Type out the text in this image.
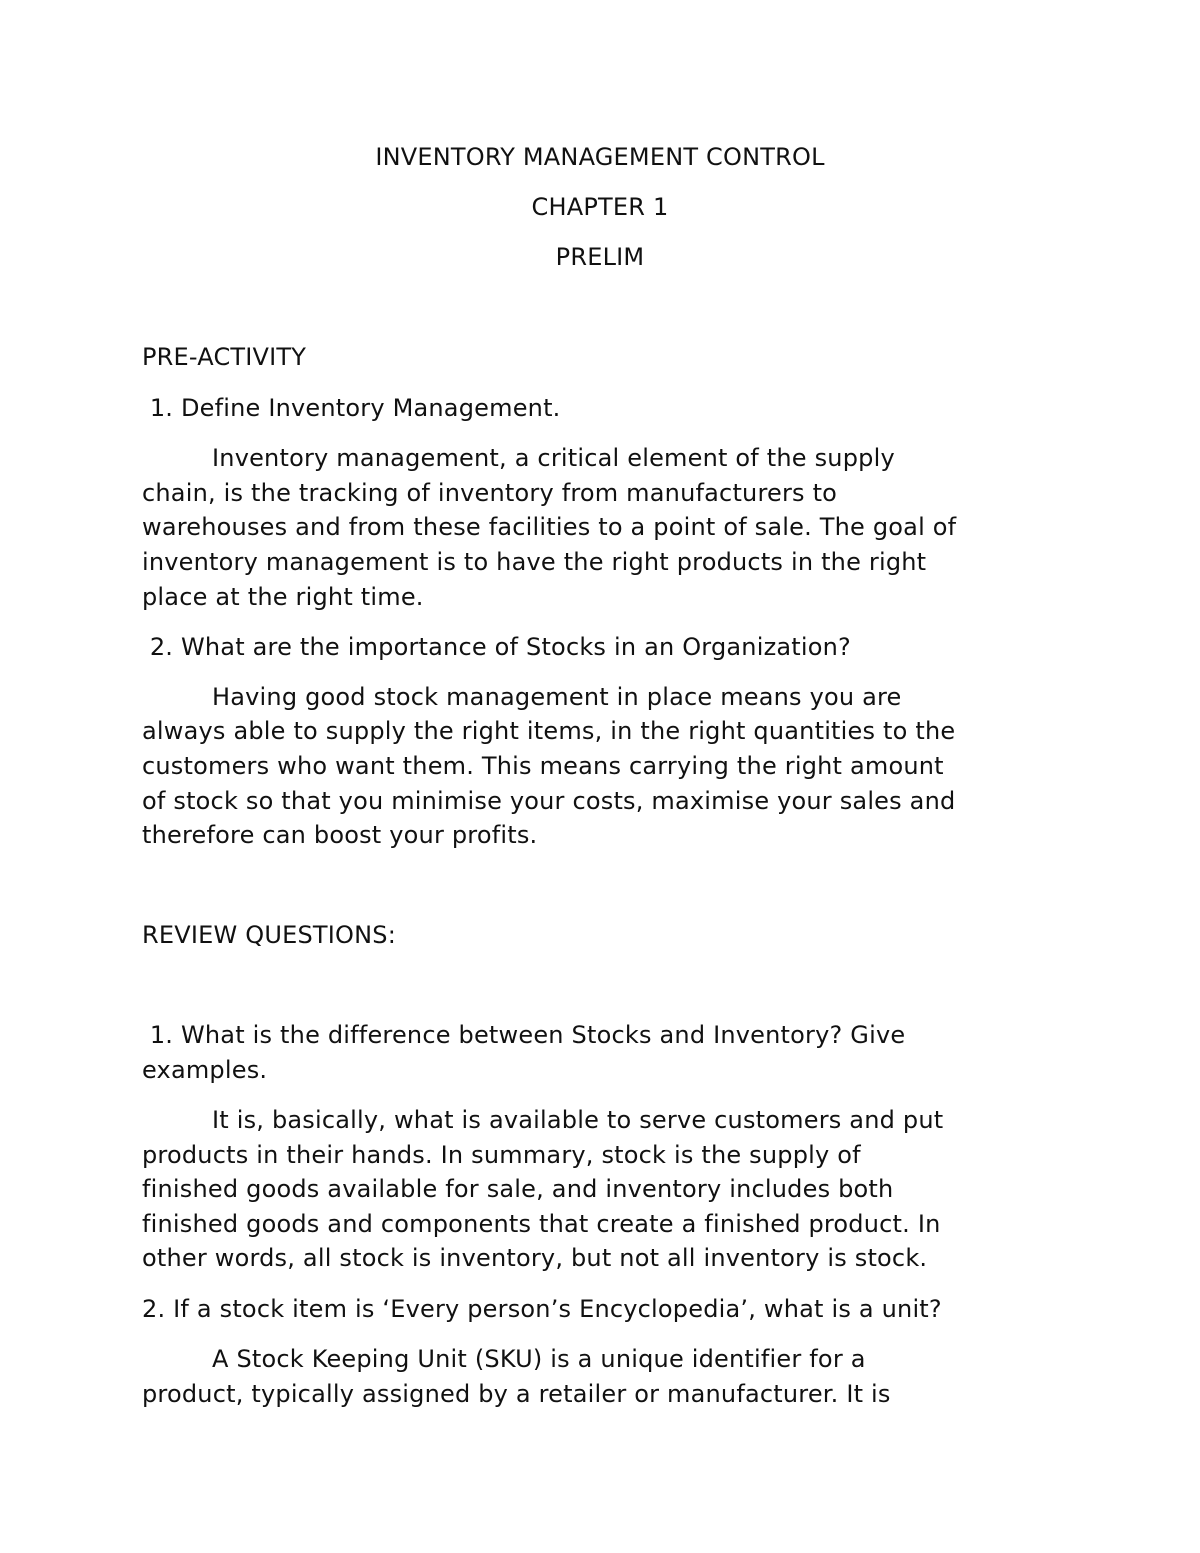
INVENTORY MANAGEMENT CONTROL
CHAPTER 1
PRELIM
PRE-ACTIVITY
1. Define Inventory Management.
Inventory management, a critical element of the supply
chain, is the tracking of inventory from manufacturers to
warehouses and from these facilities to a point of sale. The goal of
inventory management is to have the right products in the right
place at the right time.
2. What are the importance of Stocks in an Organization?
Having good stock management in place means you are
always able to supply the right items, in the right quantities to the
customers who want them. This means carrying the right amount
of stock so that you minimise your costs, maximise your sales and
therefore can boost your profits.
REVIEW QUESTIONS:
1. What is the difference between Stocks and Inventory? Give
examples.
It is, basically, what is available to serve customers and put
products in their hands. In summary, stock is the supply of
finished goods available for sale, and inventory includes both
finished goods and components that create a finished product. In
other words, all stock is inventory, but not all inventory is stock.
2. If a stock item is ‘Every person’s Encyclopedia’, what is a unit?
A Stock Keeping Unit (SKU) is a unique identifier for a
product, typically assigned by a retailer or manufacturer. It is
